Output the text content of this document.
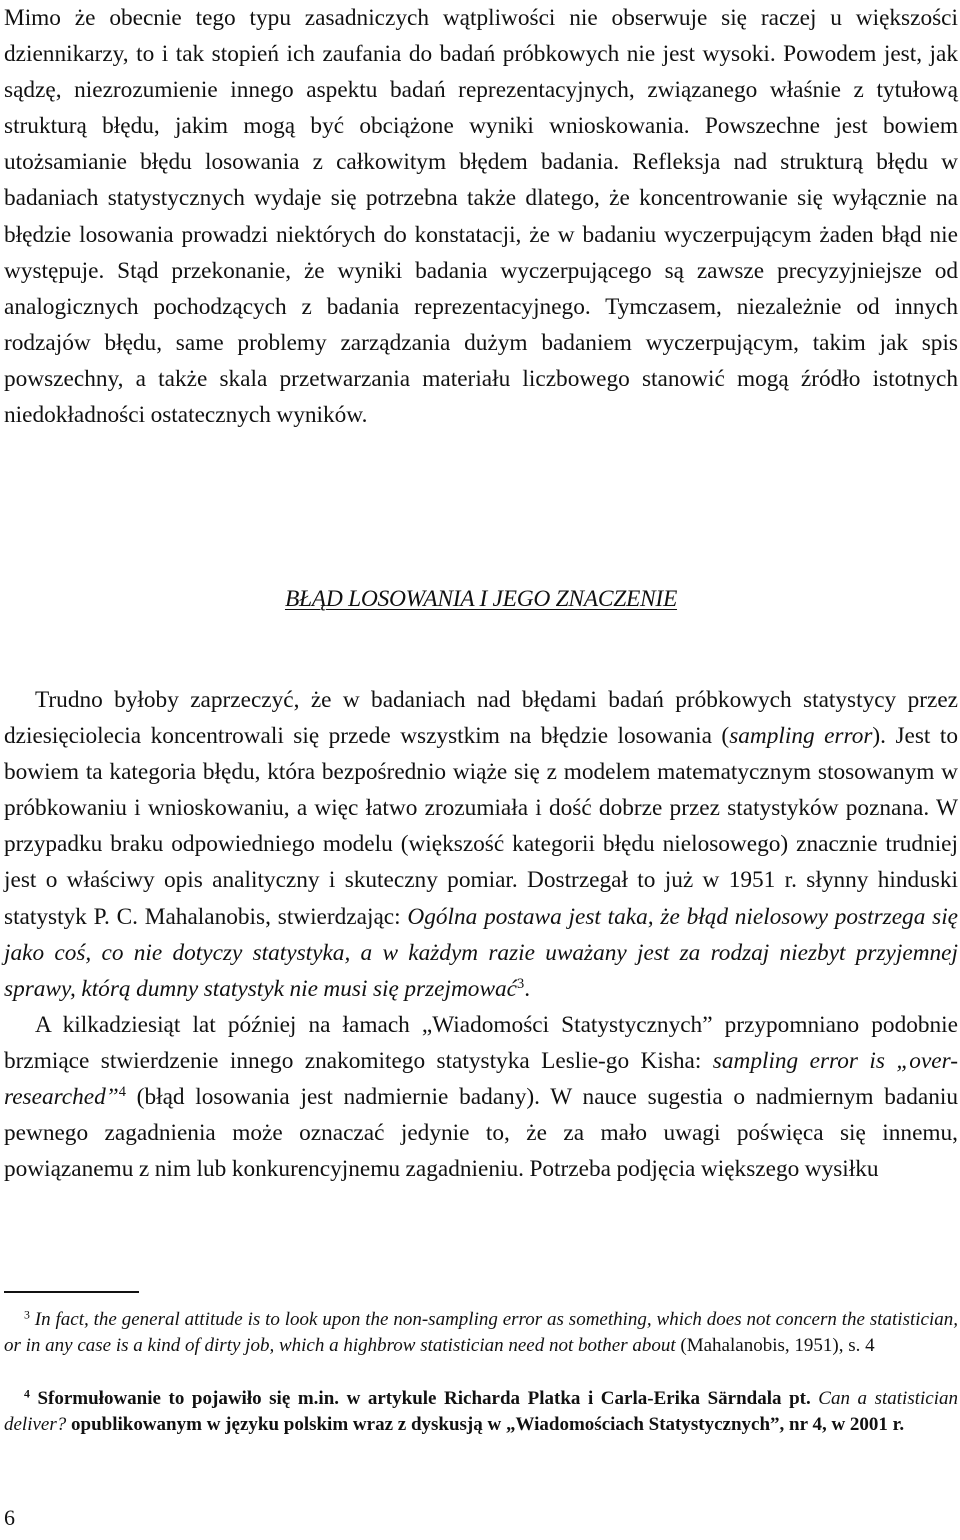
Mimo że obecnie tego typu zasadniczych wątpliwości nie obserwuje się raczej u większości dziennikarzy, to i tak stopień ich zaufania do badań próbkowych nie jest wysoki. Powodem jest, jak sądzę, niezrozumienie innego aspektu badań reprezentacyjnych, związanego właśnie z tytułową strukturą błędu, jakim mogą być obciążone wyniki wnioskowania. Powszechne jest bowiem utożsamianie błędu losowania z całkowitym błędem badania. Refleksja nad strukturą błędu w badaniach statystycznych wydaje się potrzebna także dlatego, że koncentrowanie się wyłącznie na błędzie losowania prowadzi niektórych do konstatacji, że w badaniu wyczerpującym żaden błąd nie występuje. Stąd przekonanie, że wyniki badania wyczerpującego są zawsze precyzyjniejsze od analogicznych pochodzących z badania reprezentacyjnego. Tymczasem, niezależnie od innych rodzajów błędu, same problemy zarządzania dużym badaniem wyczerpującym, takim jak spis powszechny, a także skala przetwarzania materiału liczbowego stanowić mogą źródło istotnych niedokładności ostatecznych wyników.

BŁĄD LOSOWANIA I JEGO ZNACZENIE

Trudno byłoby zaprzeczyć, że w badaniach nad błędami badań próbkowych statystycy przez dziesięciolecia koncentrowali się przede wszystkim na błędzie losowania (sampling error). Jest to bowiem ta kategoria błędu, która bezpośrednio wiąże się z modelem matematycznym stosowanym w próbkowaniu i wnioskowaniu, a więc łatwo zrozumiała i dość dobrze przez statystyków poznana. W przypadku braku odpowiedniego modelu (większość kategorii błędu nielosowego) znacznie trudniej jest o właściwy opis analityczny i skuteczny pomiar. Dostrzegał to już w 1951 r. słynny hinduski statystyk P. C. Mahalanobis, stwierdzając: Ogólna postawa jest taka, że błąd nielosowy postrzega się jako coś, co nie dotyczy statystyka, a w każdym razie uważany jest za rodzaj niezbyt przyjemnej sprawy, którą dumny statystyk nie musi się przejmować$^3$.

A kilkadziesiąt lat później na łamach „Wiadomości Statystycznych” przypomniano podobnie brzmiące stwierdzenie innego znakomitego statystyka Leslie-go Kisha: sampling error is „over-researched”$^4$ (błąd losowania jest nadmiernie badany). W nauce sugestia o nadmiernym badaniu pewnego zagadnienia może oznaczać jedynie to, że za mało uwagi poświęca się innemu, powiązanemu z nim lub konkurencyjnemu zagadnieniu. Potrzeba podjęcia większego wysiłku

$^3$ In fact, the general attitude is to look upon the non-sampling error as something, which does not concern the statistician, or in any case is a kind of dirty job, which a highbrow statistician need not bother about (Mahalanobis, 1951), s. 4

$^4$ Sformułowanie to pojawiło się m.in. w artykule Richarda Platka i Carla-Erika Särndala pt. Can a statistician deliver? opublikowanym w języku polskim wraz z dyskusją w „Wiadomościach Statystycznych”, nr 4, w 2001 r.

6
